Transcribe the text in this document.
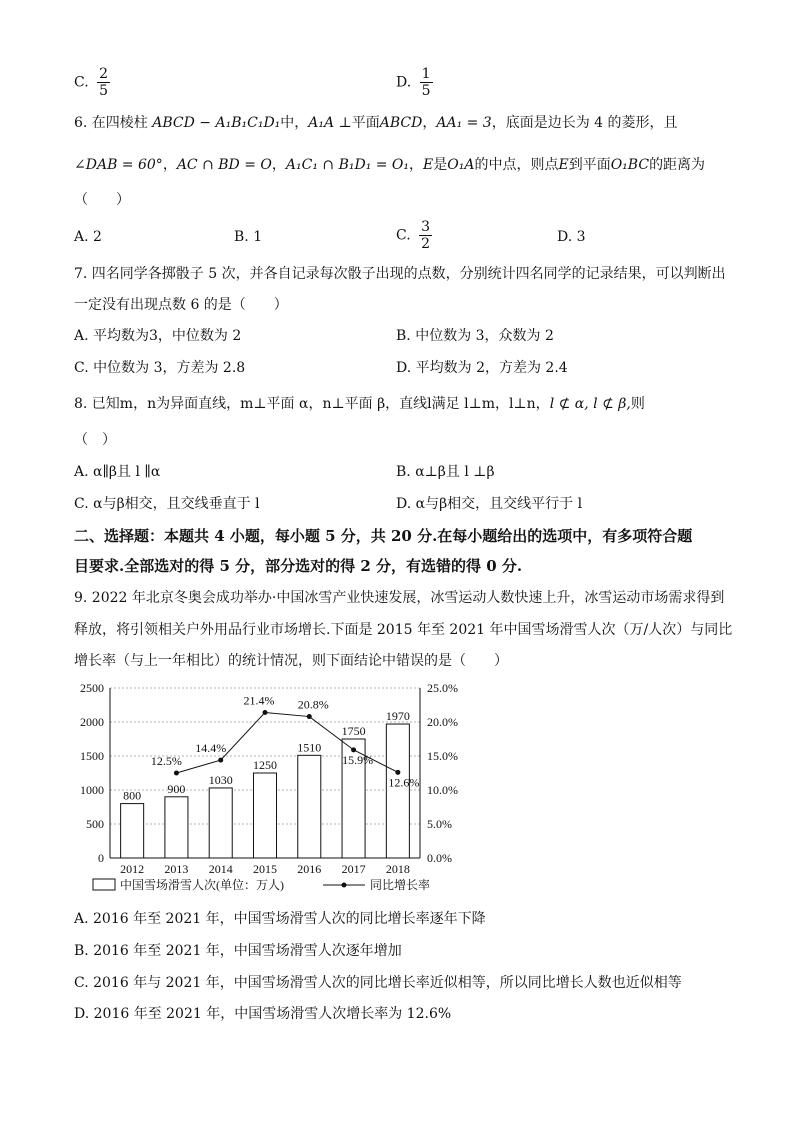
C. $\frac{2}{5}$	D. $\frac{1}{5}$
6. 在四棱柱 ABCD − A₁B₁C₁D₁中，A₁A ⊥平面ABCD，AA₁ = 3，底面是边长为 4 的菱形，且
∠DAB = 60°，AC ∩ BD = O，A₁C₁ ∩ B₁D₁ = O₁，E是O₁A的中点，则点E到平面O₁BC的距离为
（　　）
A. 2	B. 1	C. $\frac{3}{2}$	D. 3
7. 四名同学各掷骰子 5 次，并各自记录每次骰子出现的点数，分别统计四名同学的记录结果，可以判断出
一定没有出现点数 6 的是（　　）
A. 平均数为3，中位数为 2	B. 中位数为 3，众数为 2
C. 中位数为 3，方差为 2.8	D. 平均数为 2，方差为 2.4
8. 已知m，n为异面直线，m⊥平面 α，n⊥平面 β，直线l满足 l⊥m，l⊥n，l ⊄ α, l ⊄ β,则
（　）
A. α∥β且 l ∥α	B. α⊥β且 l ⊥β
C. α与β相交，且交线垂直于 l	D. α与β相交，且交线平行于 l
二、选择题：本题共 4 小题，每小题 5 分，共 20 分.在每小题给出的选项中，有多项符合题
目要求.全部选对的得 5 分，部分选对的得 2 分，有选错的得 0 分.
9. 2022 年北京冬奥会成功举办·中国冰雪产业快速发展，冰雪运动人数快速上升，冰雪运动市场需求得到
释放，将引领相关户外用品行业市场增长.下面是 2015 年至 2021 年中国雪场滑雪人次（万/人次）与同比
增长率（与上一年相比）的统计情况，则下面结论中错误的是（　　）
0
500
1000
1500
2000
2500
0.0%
5.0%
10.0%
15.0%
20.0%
25.0%
800 900
1030
1250
1510
1750
1970
2012 2013 2014 2015 2016 2017 2018
12.5%
14.4%
21.4% 20.8%
15.9%
12.6%
中国雪场滑雪人次(单位：万人)	同比增长率
A. 2016 年至 2021 年，中国雪场滑雪人次的同比增长率逐年下降
B. 2016 年至 2021 年，中国雪场滑雪人次逐年增加
C. 2016 年与 2021 年，中国雪场滑雪人次的同比增长率近似相等，所以同比增长人数也近似相等
D. 2016 年至 2021 年，中国雪场滑雪人次增长率为 12.6%
